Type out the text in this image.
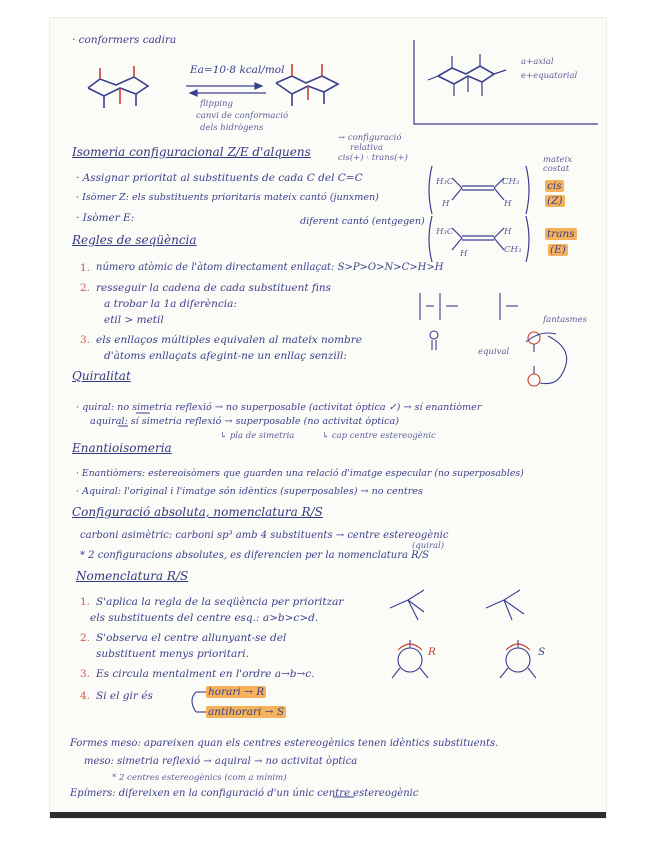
· conformers cadira
Ea=10·8 kcal/mol
flipping
canvi de conformació
dels hidrògens
a+axial
e+equatorial
Isomeria configuracional Z/E d'alquens
→ configuració
relativa
cis(+) · trans(+)
· Assignar prioritat al substituents de cada C del C=C
· Isòmer Z: els substituents prioritaris mateix cantó (junxmen)
· Isòmer E:	diferent cantó (entgegen)
H₃C	CH₃
H	H
mateix
costat
cis
(Z)
H₃C
CH₃
H
H
trans
(E)
Regles de seqüència
1. número atòmic de l'àtom directament enllaçat: S>P>O>N>C>H>H
2. resseguir la cadena de cada substituent fins
a trobar la 1a diferència:
etil > metil
3. els enllaços múltiples equivalen al mateix nombre
d'àtoms enllaçats afegint-ne un enllaç senzill:	equival
fantasmes
Quiralitat
· quiral: no simetria reflexió → no superposable (activitat òptica ✓) → sí enantiòmer
aquiral: sí simetria reflexió → superposable (no activitat òptica)
↳ pla de simetria	↳ cap centre estereogènic
Enantioisomeria
· Enantiòmers: estereoisòmers que guarden una relació d'imatge especular (no superposables)
· Aquiral: l'original i l'imatge són idèntics (superposables) → no centres
Configuració absoluta, nomenclatura R/S
carboni asimètric: carboni sp³ amb 4 substituents → centre estereogènic
(quiral)
* 2 configuracions absolutes, es diferencien per la nomenclatura R/S
Nomenclatura R/S
1. S'aplica la regla de la seqüència per prioritzar
els substituents del centre esq.: a>b>c>d.
2. S'observa el centre allunyant-se del
substituent menys prioritari.
3. Es circula mentalment en l'ordre a→b→c.
4. Si el gir és	horari → R
antihorari → S
R	S
Formes meso: apareixen quan els centres estereogènics tenen idèntics substituents.
meso: simetria reflexió → aquiral → no activitat òptica
* 2 centres estereogènics (com a mínim)
Epímers: difereixen en la configuració d'un únic centre estereogènic
